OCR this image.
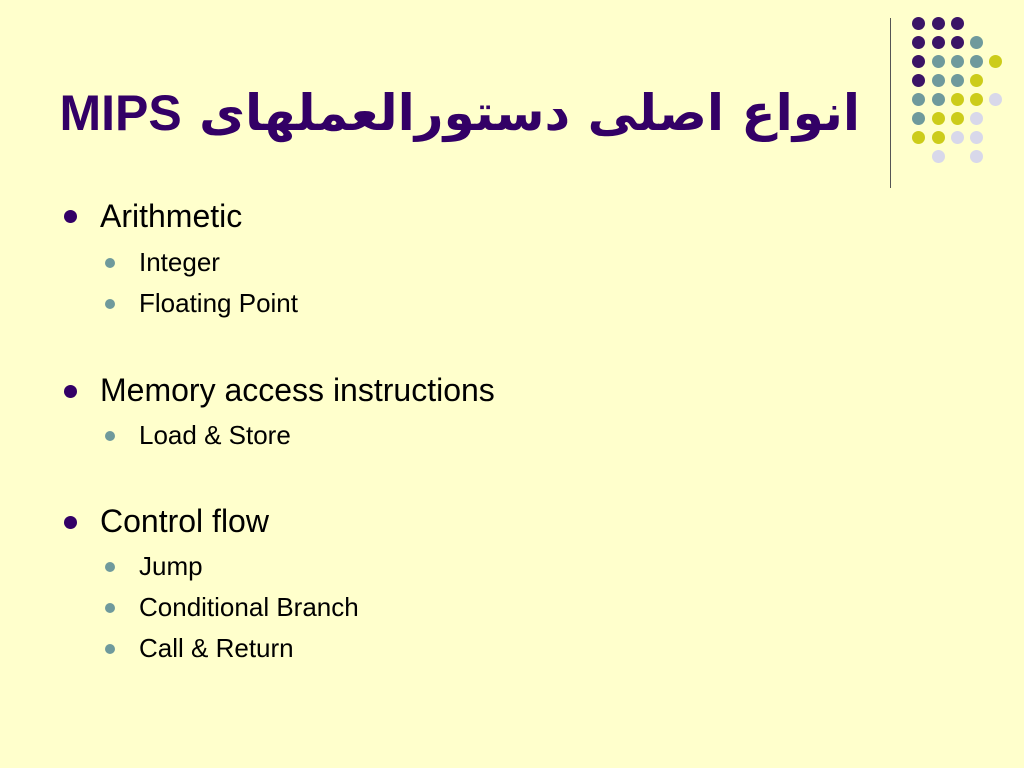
انواع اصلی دستورالعملهای MIPS
Arithmetic
Integer
Floating Point
Memory access instructions
Load & Store
Control flow
Jump
Conditional Branch
Call & Return
